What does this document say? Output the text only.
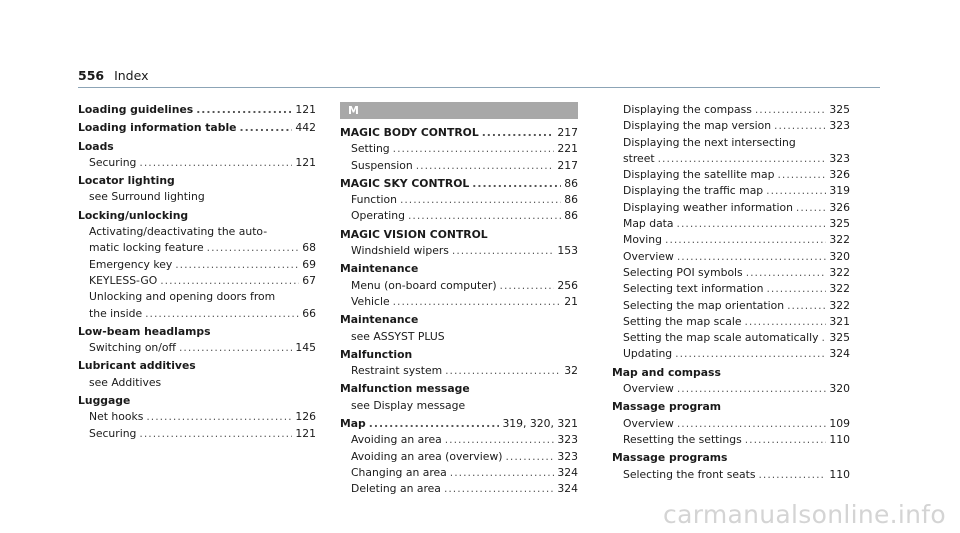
556 Index
Loading guidelines .....	121
Loading information table .....	442
Loads
Securing .....	121
Locator lighting
see Surround lighting
Locking/unlocking
Activating/deactivating the auto-
matic locking feature .....	68
Emergency key .....	69
KEYLESS-GO .....	67
Unlocking and opening doors from
the inside .....	66
Low-beam headlamps
Switching on/off .....	145
Lubricant additives
see Additives
Luggage
Net hooks .....	126
Securing .....	121
M
MAGIC BODY CONTROL .....	217
Setting .....	221
Suspension .....	217
MAGIC SKY CONTROL .....	86
Function .....	86
Operating .....	86
MAGIC VISION CONTROL
Windshield wipers .....	153
Maintenance
Menu (on-board computer) .....	256
Vehicle .....	21
Maintenance
see ASSYST PLUS
Malfunction
Restraint system .....	32
Malfunction message
see Display message
Map .....	319, 320, 321
Avoiding an area .....	323
Avoiding an area (overview) .....	323
Changing an area .....	324
Deleting an area .....	324
Displaying the compass .....	325
Displaying the map version .....	323
Displaying the next intersecting
street .....	323
Displaying the satellite map .....	326
Displaying the traffic map .....	319
Displaying weather information .....	326
Map data .....	325
Moving .....	322
Overview .....	320
Selecting POI symbols .....	322
Selecting text information .....	322
Selecting the map orientation .....	322
Setting the map scale .....	321
Setting the map scale automatically ..... 325
Updating .....	324
Map and compass
Overview .....	320
Massage program
Overview .....	109
Resetting the settings .....	110
Massage programs
Selecting the front seats .....	110
carmanualsonline.info
